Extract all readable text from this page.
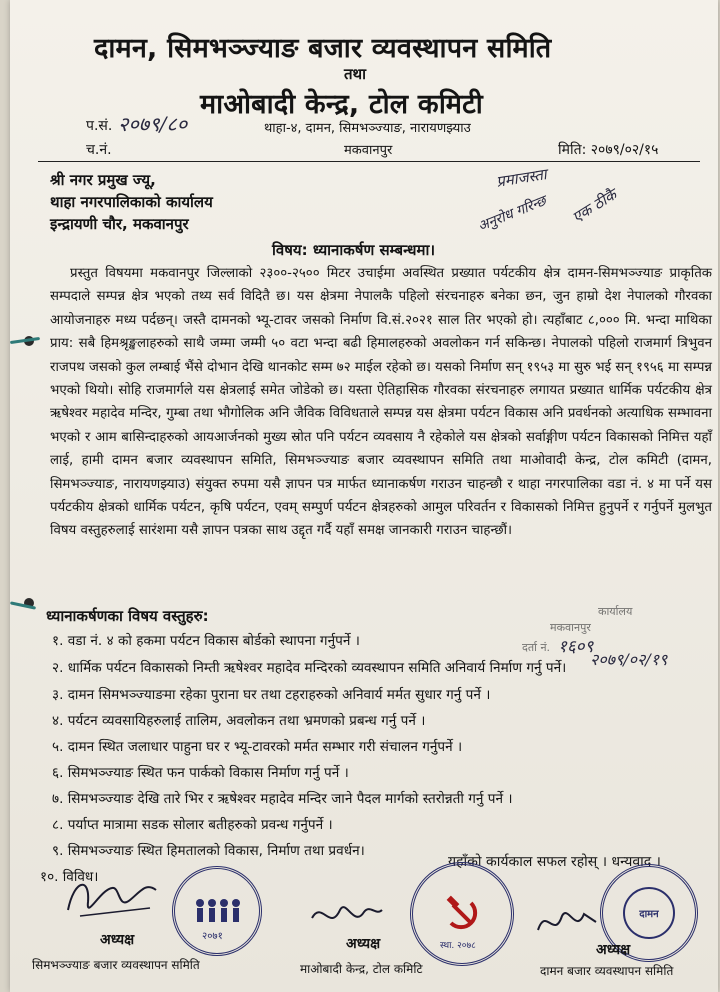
दामन, सिमभञ्ज्याङ बजार व्यवस्थापन समिति
तथा
माओबादी केन्द्र, टोल कमिटी
प.सं. २०७९/८०	थाहा-४, दामन, सिमभञ्ज्याङ, नारायणझ्याउ
च.नं.	मकवानपुर	मिति: २०७९/०२/१५
श्री नगर प्रमुख ज्यू,
थाहा नगरपालिकाको कार्यालय
इन्द्रायणी चौर, मकवानपुर
प्रमाजस्ता
अनुरोध गरिन्छ एक ठीकै
विषय: ध्यानाकर्षण सम्बन्धमा।
प्रस्तुत विषयमा मकवानपुर जिल्लाको २३००-२५०० मिटर उचाईमा अवस्थित प्रख्यात पर्यटकीय क्षेत्र दामन-सिमभञ्ज्याङ प्राकृतिक सम्पदाले सम्पन्न क्षेत्र भएको तथ्य सर्व विदितै छ। यस क्षेत्रमा नेपालकै पहिलो संरचनाहरु बनेका छन, जुन हाम्रो देश नेपालको गौरवका आयोजनाहरु मध्य पर्दछन्। जस्तै दामनको भ्यू-टावर जसको निर्माण वि.सं.२०२१ साल तिर भएको हो। त्यहाँबाट ८,००० मि. भन्दा माथिका प्राय: सबै हिमश्रृङ्खलाहरुको साथै जम्मा जम्मी ५० वटा भन्दा बढी हिमालहरुको अवलोकन गर्न सकिन्छ। नेपालको पहिलो राजमार्ग त्रिभुवन राजपथ जसको कुल लम्बाई भैंसे दोभान देखि थानकोट सम्म ७२ माईल रहेको छ। यसको निर्माण सन् १९५३ मा सुरु भई सन् १९५६ मा सम्पन्न भएको थियो। सोहि राजमार्गले यस क्षेत्रलाई समेत जोडेको छ। यस्ता ऐतिहासिक गौरवका संरचनाहरु लगायत प्रख्यात धार्मिक पर्यटकीय क्षेत्र ऋषेश्वर महादेव मन्दिर, गुम्बा तथा भौगोलिक अनि जैविक विविधताले सम्पन्न यस क्षेत्रमा पर्यटन विकास अनि प्रवर्धनको अत्याधिक सम्भावना भएको र आम बासिन्दाहरुको आयआर्जनको मुख्य स्रोत पनि पर्यटन व्यवसाय नै रहेकोले यस क्षेत्रको सर्वाङ्गीण पर्यटन विकासको निमित्त यहाँ लाई, हामी दामन बजार व्यवस्थापन समिति, सिमभञ्ज्याङ बजार व्यवस्थापन समिति तथा माओवादी केन्द्र, टोल कमिटी (दामन, सिमभञ्ज्याङ, नारायणझ्याउ) संयुक्त रुपमा यसै ज्ञापन पत्र मार्फत ध्यानाकर्षण गराउन चाहन्छौ र थाहा नगरपालिका वडा नं. ४ मा पर्ने यस पर्यटकीय क्षेत्रको धार्मिक पर्यटन, कृषि पर्यटन, एवम् सम्पुर्ण पर्यटन क्षेत्रहरुको आमुल परिवर्तन र विकासको निमित्त हुनुपर्ने र गर्नुपर्ने मुलभुत विषय वस्तुहरुलाई सारंशमा यसै ज्ञापन पत्रका साथ उद्दृत गर्दै यहाँ समक्ष जानकारी गराउन चाहन्छौं।
ध्यानाकर्षणका विषय वस्तुहरु:
१. वडा नं. ४ को हकमा पर्यटन विकास बोर्डको स्थापना गर्नुपर्ने ।
२. धार्मिक पर्यटन विकासको निम्ती ऋषेश्वर महादेव मन्दिरको व्यवस्थापन समिति अनिवार्य निर्माण गर्नु पर्ने।
३. दामन सिमभञ्ज्याङमा रहेका पुराना घर तथा टहराहरुको अनिवार्य मर्मत सुधार गर्नु पर्ने ।
४. पर्यटन व्यवसायिहरुलाई तालिम, अवलोकन तथा भ्रमणको प्रबन्ध गर्नु पर्ने ।
५. दामन स्थित जलाधार पाहुना घर र भ्यू-टावरको मर्मत सम्भार गरी संचालन गर्नुपर्ने ।
६. सिमभञ्ज्याङ स्थित फन पार्कको विकास निर्माण गर्नु पर्ने ।
७. सिमभञ्ज्याङ देखि तारे भिर र ऋषेश्वर महादेव मन्दिर जाने पैदल मार्गको स्तरोन्नती गर्नु पर्ने ।
८. पर्याप्त मात्रामा सडक सोलार बतीहरुको प्रवन्ध गर्नुपर्ने ।
९. सिमभञ्ज्याङ स्थित हिमतालको विकास, निर्माण तथा प्रवर्धन।
१०. विविध।
यहाँको कार्यकाल सफल रहोस् । धन्यवाद ।
कार्यालय
मकवानपुर
दर्ता नं. १६०९
२०७९/०२/१९
२०७१
स्था. २०७८
दामन
अध्यक्ष
सिमभञ्ज्याङ बजार व्यवस्थापन समिति
अध्यक्ष
माओबादी केन्द्र, टोल कमिटि
अध्यक्ष
दामन बजार व्यवस्थापन समिति
